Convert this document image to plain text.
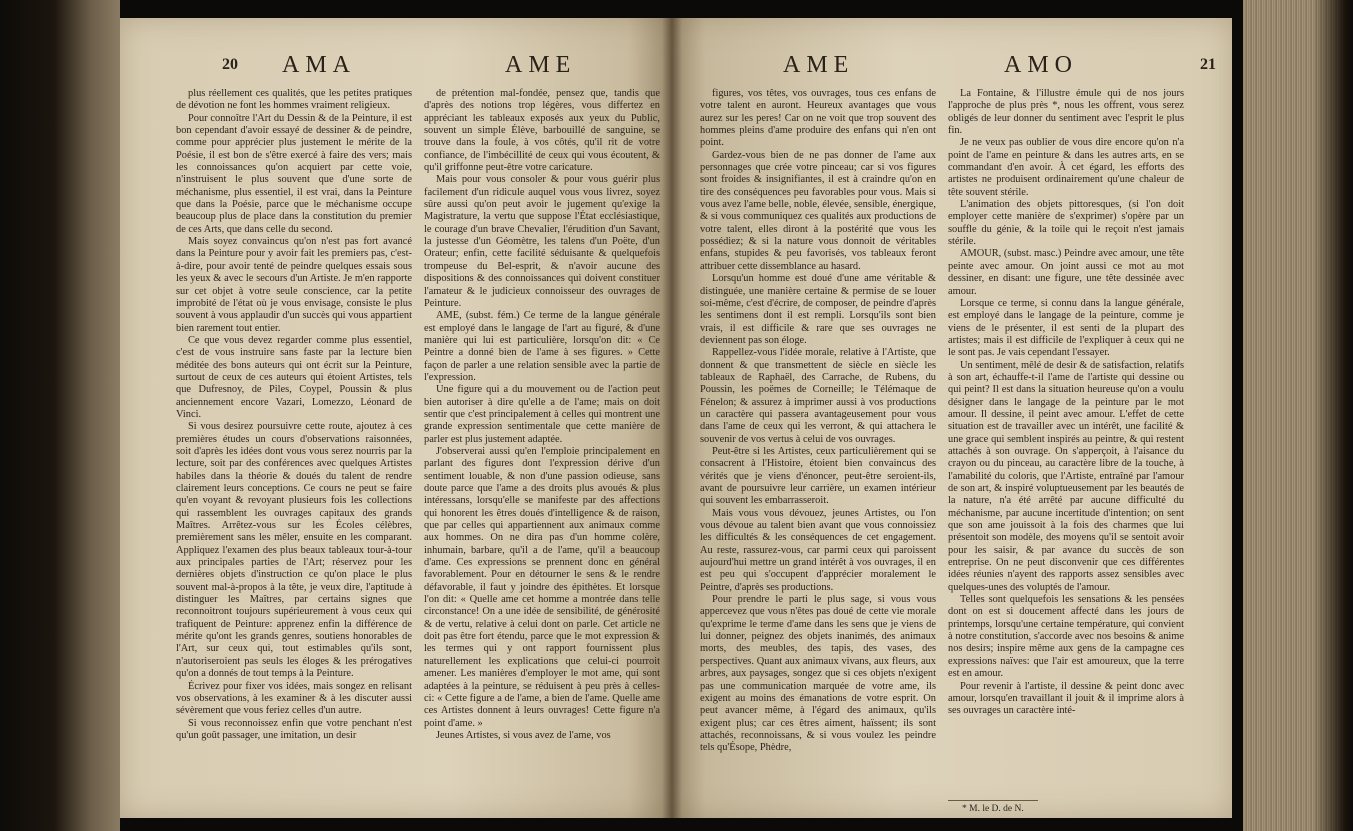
20 AMA	AME	AME	AMO	21

plus réellement ces qualités, que les petites pratiques de dévotion ne font les hommes vraiment religieux.

Pour connoître l'Art du Dessin & de la Peinture, il est bon cependant d'avoir essayé de dessiner & de peindre, comme pour apprécier plus justement le mérite de la Poésie, il est bon de s'être exercé à faire des vers; mais les connoissances qu'on acquiert par cette voie, n'instruisent le plus souvent que d'une sorte de méchanisme, plus essentiel, il est vrai, dans la Peinture que dans la Poésie, parce que le méchanisme occupe beaucoup plus de place dans la constitution du premier de ces Arts, que dans celle du second.

Mais soyez convaincus qu'on n'est pas fort avancé dans la Peinture pour y avoir fait les premiers pas, c'est-à-dire, pour avoir tenté de peindre quelques essais sous les yeux & avec le secours d'un Artiste. Je m'en rapporte sur cet objet à votre seule conscience, car la petite improbité de l'état où je vous envisage, consiste le plus souvent à vous applaudir d'un succès qui vous appartient bien rarement tout entier.

Ce que vous devez regarder comme plus essentiel, c'est de vous instruire sans faste par la lecture bien méditée des bons auteurs qui ont écrit sur la Peinture, surtout de ceux de ces auteurs qui étoient Artistes, tels que Dufresnoy, de Piles, Coypel, Poussin & plus anciennement encore Vazari, Lomezzo, Léonard de Vinci.

Si vous desirez poursuivre cette route, ajoutez à ces premières études un cours d'observations raisonnées, soit d'après les idées dont vous vous serez nourris par la lecture, soit par des conférences avec quelques Artistes habiles dans la théorie & doués du talent de rendre clairement leurs conceptions. Ce cours ne peut se faire qu'en voyant & revoyant plusieurs fois les collections qui rassemblent les ouvrages capitaux des grands Maîtres. Arrêtez-vous sur les Écoles célèbres, premièrement sans les mêler, ensuite en les comparant. Appliquez l'examen des plus beaux tableaux tour-à-tour aux principales parties de l'Art; réservez pour les dernières objets d'instruction ce qu'on place le plus souvent mal-à-propos à la tête, je veux dire, l'aptitude à distinguer les Maîtres, par certains signes que reconnoitront toujours supérieurement à vous ceux qui trafiquent de Peinture: apprenez enfin la différence de mérite qu'ont les grands genres, soutiens honorables de l'Art, sur ceux qui, tout estimables qu'ils sont, n'autoriseroient pas seuls les éloges & les prérogatives qu'on a donnés de tout temps à la Peinture.

Écrivez pour fixer vos idées, mais songez en relisant vos observations, à les examiner & à les discuter aussi sévèrement que vous feriez celles d'un autre.

Si vous reconnoissez enfin que votre penchant n'est qu'un goût passager, une imitation, un desir

de prétention mal-fondée, pensez que, tandis que d'après des notions trop légères, vous differtez en appréciant les tableaux exposés aux yeux du Public, souvent un simple Élève, barbouillé de sanguine, se trouve dans la foule, à vos côtés, qu'il rit de votre confiance, de l'imbécillité de ceux qui vous écoutent, & qu'il griffonne peut-être votre caricature.

Mais pour vous consoler & pour vous guérir plus facilement d'un ridicule auquel vous vous livrez, soyez sûre aussi qu'on peut avoir le jugement qu'exige la Magistrature, la vertu que suppose l'État ecclésiastique, le courage d'un brave Chevalier, l'érudition d'un Savant, la justesse d'un Géomètre, les talens d'un Poëte, d'un Orateur; enfin, cette facilité séduisante & quelquefois trompeuse du Bel-esprit, & n'avoir aucune des dispositions & des connoissances qui doivent constituer l'amateur & le judicieux connoisseur des ouvrages de Peinture.

AME, (subst. fém.) Ce terme de la langue générale est employé dans le langage de l'art au figuré, & d'une manière qui lui est particulière, lorsqu'on dit: « Ce Peintre a donné bien de l'ame à ses figures. » Cette façon de parler a une relation sensible avec la partie de l'expression.

Une figure qui a du mouvement ou de l'action peut bien autoriser à dire qu'elle a de l'ame; mais on doit sentir que c'est principalement à celles qui montrent une grande expression sentimentale que cette manière de parler est plus justement adaptée.

J'observerai aussi qu'en l'emploie principalement en parlant des figures dont l'expression dérive d'un sentiment louable, & non d'une passion odieuse, sans doute parce que l'ame a des droits plus avoués & plus intéressans, lorsqu'elle se manifeste par des affections qui honorent les êtres doués d'intelligence & de raison, que par celles qui appartiennent aux animaux comme aux hommes. On ne dira pas d'un homme colère, inhumain, barbare, qu'il a de l'ame, qu'il a beaucoup d'ame. Ces expressions se prennent donc en général favorablement. Pour en détourner le sens & le rendre défavorable, il faut y joindre des épithètes. Et lorsque l'on dit: « Quelle ame cet homme a montrée dans telle circonstance! On a une idée de sensibilité, de générosité & de vertu, relative à celui dont on parle. Cet article ne doit pas être fort étendu, parce que le mot expression & les termes qui y ont rapport fournissent plus naturellement les explications que celui-ci pourroit amener. Les manières d'employer le mot ame, qui sont adaptées à la peinture, se réduisent à peu près à celles-ci: « Cette figure a de l'ame, a bien de l'ame. Quelle ame ces Artistes donnent à leurs ouvrages! Cette figure n'a point d'ame. »

Jeunes Artistes, si vous avez de l'ame, vos

figures, vos têtes, vos ouvrages, tous ces enfans de votre talent en auront. Heureux avantages que vous aurez sur les peres! Car on ne voit que trop souvent des hommes pleins d'ame produire des enfans qui n'en ont point.

Gardez-vous bien de ne pas donner de l'ame aux personnages que crée votre pinceau; car si vos figures sont froides & insignifiantes, il est à craindre qu'on en tire des conséquences peu favorables pour vous. Mais si vous avez l'ame belle, noble, élevée, sensible, énergique, & si vous communiquez ces qualités aux productions de votre talent, elles diront à la postérité que vous les possédiez; & si la nature vous donnoit de véritables enfans, stupides & peu favorisés, vos tableaux feront attribuer cette dissemblance au hasard.

Lorsqu'un homme est doué d'une ame véritable & distinguée, une manière certaine & permise de se louer soi-même, c'est d'écrire, de composer, de peindre d'après les sentimens dont il est rempli. Lorsqu'ils sont bien vrais, il est difficile & rare que ses ouvrages ne deviennent pas son éloge.

Rappellez-vous l'idée morale, relative à l'Artiste, que donnent & que transmettent de siècle en siècle les tableaux de Raphaël, des Carrache, de Rubens, du Poussin, les poëmes de Corneille; le Télémaque de Fénelon; & assurez à imprimer aussi à vos productions un caractère qui passera avantageusement pour vous dans l'ame de ceux qui les verront, & qui attachera le souvenir de vos vertus à celui de vos ouvrages.

Peut-être si les Artistes, ceux particulièrement qui se consacrent à l'Histoire, étoient bien convaincus des vérités que je viens d'énoncer, peut-être seroient-ils, avant de poursuivre leur carrière, un examen intérieur qui souvent les embarrasseroit.

Mais vous vous dévouez, jeunes Artistes, ou l'on vous dévoue au talent bien avant que vous connoissiez les difficultés & les conséquences de cet engagement. Au reste, rassurez-vous, car parmi ceux qui paroissent aujourd'hui mettre un grand intérêt à vos ouvrages, il en est peu qui s'occupent d'apprécier moralement le Peintre, d'après ses productions.

Pour prendre le parti le plus sage, si vous vous appercevez que vous n'êtes pas doué de cette vie morale qu'exprime le terme d'ame dans les sens que je viens de lui donner, peignez des objets inanimés, des animaux morts, des meubles, des tapis, des vases, des perspectives. Quant aux animaux vivans, aux fleurs, aux arbres, aux paysages, songez que si ces objets n'exigent pas une communication marquée de votre ame, ils exigent au moins des émanations de votre esprit. On peut avancer même, à l'égard des animaux, qu'ils exigent plus; car ces êtres aiment, haïssent; ils sont attachés, reconnoissans, & si vous voulez les peindre tels qu'Ésope, Phèdre,

La Fontaine, & l'illustre émule qui de nos jours l'approche de plus près *, nous les offrent, vous serez obligés de leur donner du sentiment avec l'esprit le plus fin.

Je ne veux pas oublier de vous dire encore qu'on n'a point de l'ame en peinture & dans les autres arts, en se commandant d'en avoir. À cet égard, les efforts des artistes ne produisent ordinairement qu'une chaleur de tête souvent stérile.

L'animation des objets pittoresques, (si l'on doit employer cette manière de s'exprimer) s'opère par un souffle du génie, & la toile qui le reçoit n'est jamais stérile.

AMOUR, (subst. masc.) Peindre avec amour, une tête peinte avec amour. On joint aussi ce mot au mot dessiner, en disant: une figure, une tête dessinée avec amour.

Lorsque ce terme, si connu dans la langue générale, est employé dans le langage de la peinture, comme je viens de le présenter, il est senti de la plupart des artistes; mais il est difficile de l'expliquer à ceux qui ne le sont pas. Je vais cependant l'essayer.

Un sentiment, mêlé de desir & de satisfaction, relatifs à son art, échauffe-t-il l'ame de l'artiste qui dessine ou qui peint? Il est dans la situation heureuse qu'on a voulu désigner dans le langage de la peinture par le mot amour. Il dessine, il peint avec amour. L'effet de cette situation est de travailler avec un intérêt, une facilité & une grace qui semblent inspirés au peintre, & qui restent attachés à son ouvrage. On s'apperçoit, à l'aisance du crayon ou du pinceau, au caractère libre de la touche, à l'amabilité du coloris, que l'Artiste, entraîné par l'amour de son art, & inspiré voluptueusement par les beautés de la nature, n'a été arrêté par aucune difficulté du méchanisme, par aucune incertitude d'intention; on sent que son ame jouissoit à la fois des charmes que lui présentoit son modèle, des moyens qu'il se sentoit avoir pour les saisir, & par avance du succès de son entreprise. On ne peut disconvenir que ces différentes idées réunies n'ayent des rapports assez sensibles avec quelques-unes des voluptés de l'amour.

Telles sont quelquefois les sensations & les pensées dont on est si doucement affecté dans les jours de printemps, lorsqu'une certaine température, qui convient à notre constitution, s'accorde avec nos besoins & anime nos desirs; inspire même aux gens de la campagne ces expressions naïves: que l'air est amoureux, que la terre est en amour.

Pour revenir à l'artiste, il dessine & peint donc avec amour, lorsqu'en travaillant il jouit & il imprime alors à ses ouvrages un caractère inté-

* M. le D. de N.
